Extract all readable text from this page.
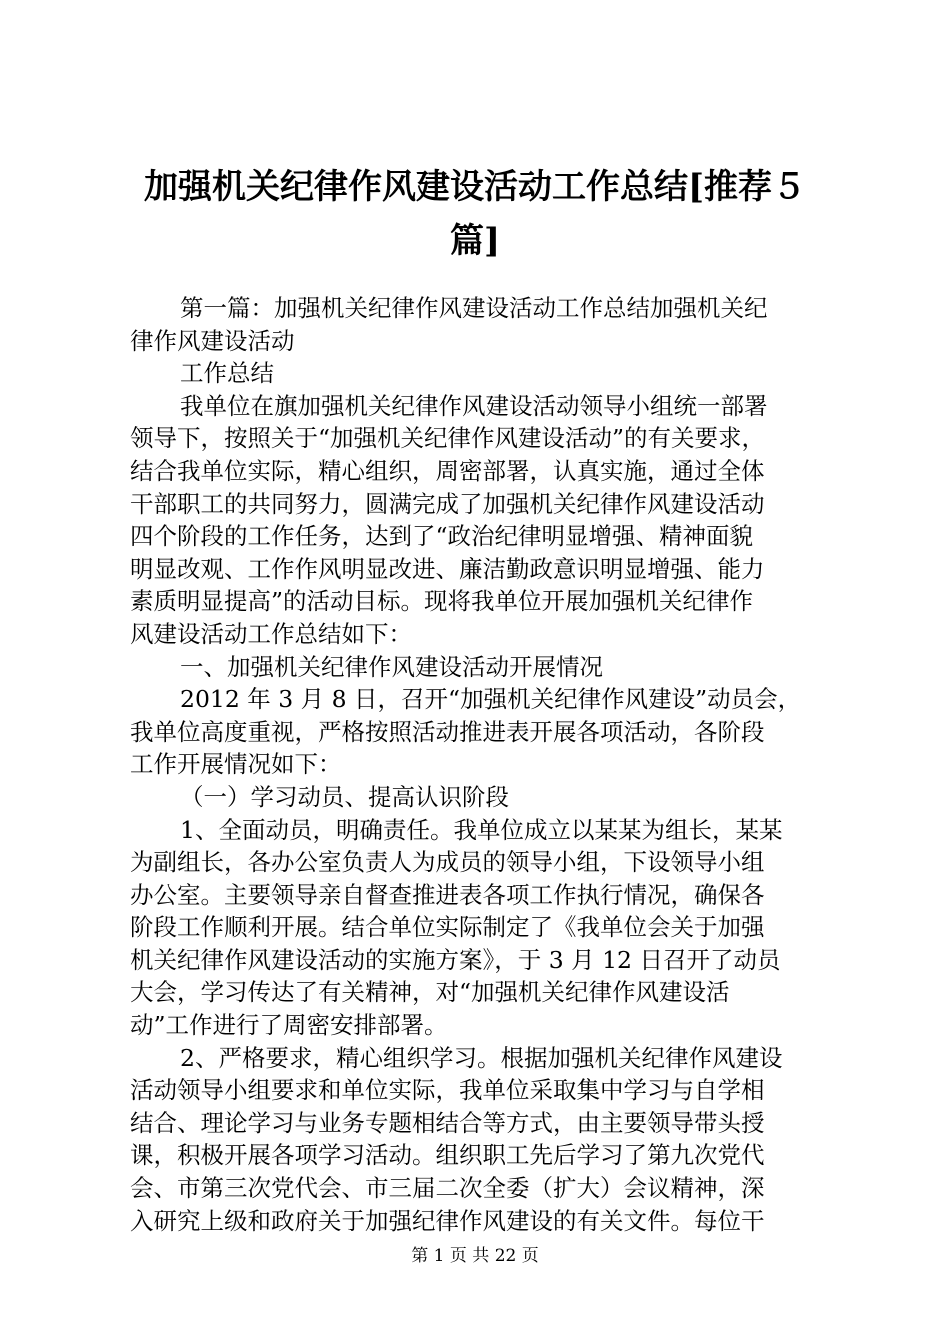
加强机关纪律作风建设活动工作总结[推荐５
篇]
第一篇：加强机关纪律作风建设活动工作总结加强机关纪
律作风建设活动
工作总结
我单位在旗加强机关纪律作风建设活动领导小组统一部署
领导下，按照关于“加强机关纪律作风建设活动”的有关要求，
结合我单位实际，精心组织，周密部署，认真实施，通过全体
干部职工的共同努力，圆满完成了加强机关纪律作风建设活动
四个阶段的工作任务，达到了“政治纪律明显增强、精神面貌
明显改观、工作作风明显改进、廉洁勤政意识明显增强、能力
素质明显提高”的活动目标。现将我单位开展加强机关纪律作
风建设活动工作总结如下：
一、加强机关纪律作风建设活动开展情况
2012 年 3 月 8 日，召开“加强机关纪律作风建设”动员会，
我单位高度重视，严格按照活动推进表开展各项活动，各阶段
工作开展情况如下：
（一）学习动员、提高认识阶段
1、全面动员，明确责任。我单位成立以某某为组长，某某
为副组长，各办公室负责人为成员的领导小组，下设领导小组
办公室。主要领导亲自督查推进表各项工作执行情况，确保各
阶段工作顺利开展。结合单位实际制定了《我单位会关于加强
机关纪律作风建设活动的实施方案》，于 3 月 12 日召开了动员
大会，学习传达了有关精神，对“加强机关纪律作风建设活
动”工作进行了周密安排部署。
2、严格要求，精心组织学习。根据加强机关纪律作风建设
活动领导小组要求和单位实际，我单位采取集中学习与自学相
结合、理论学习与业务专题相结合等方式，由主要领导带头授
课，积极开展各项学习活动。组织职工先后学习了第九次党代
会、市第三次党代会、市三届二次全委（扩大）会议精神，深
入研究上级和政府关于加强纪律作风建设的有关文件。每位干
第 1 页 共 22 页
